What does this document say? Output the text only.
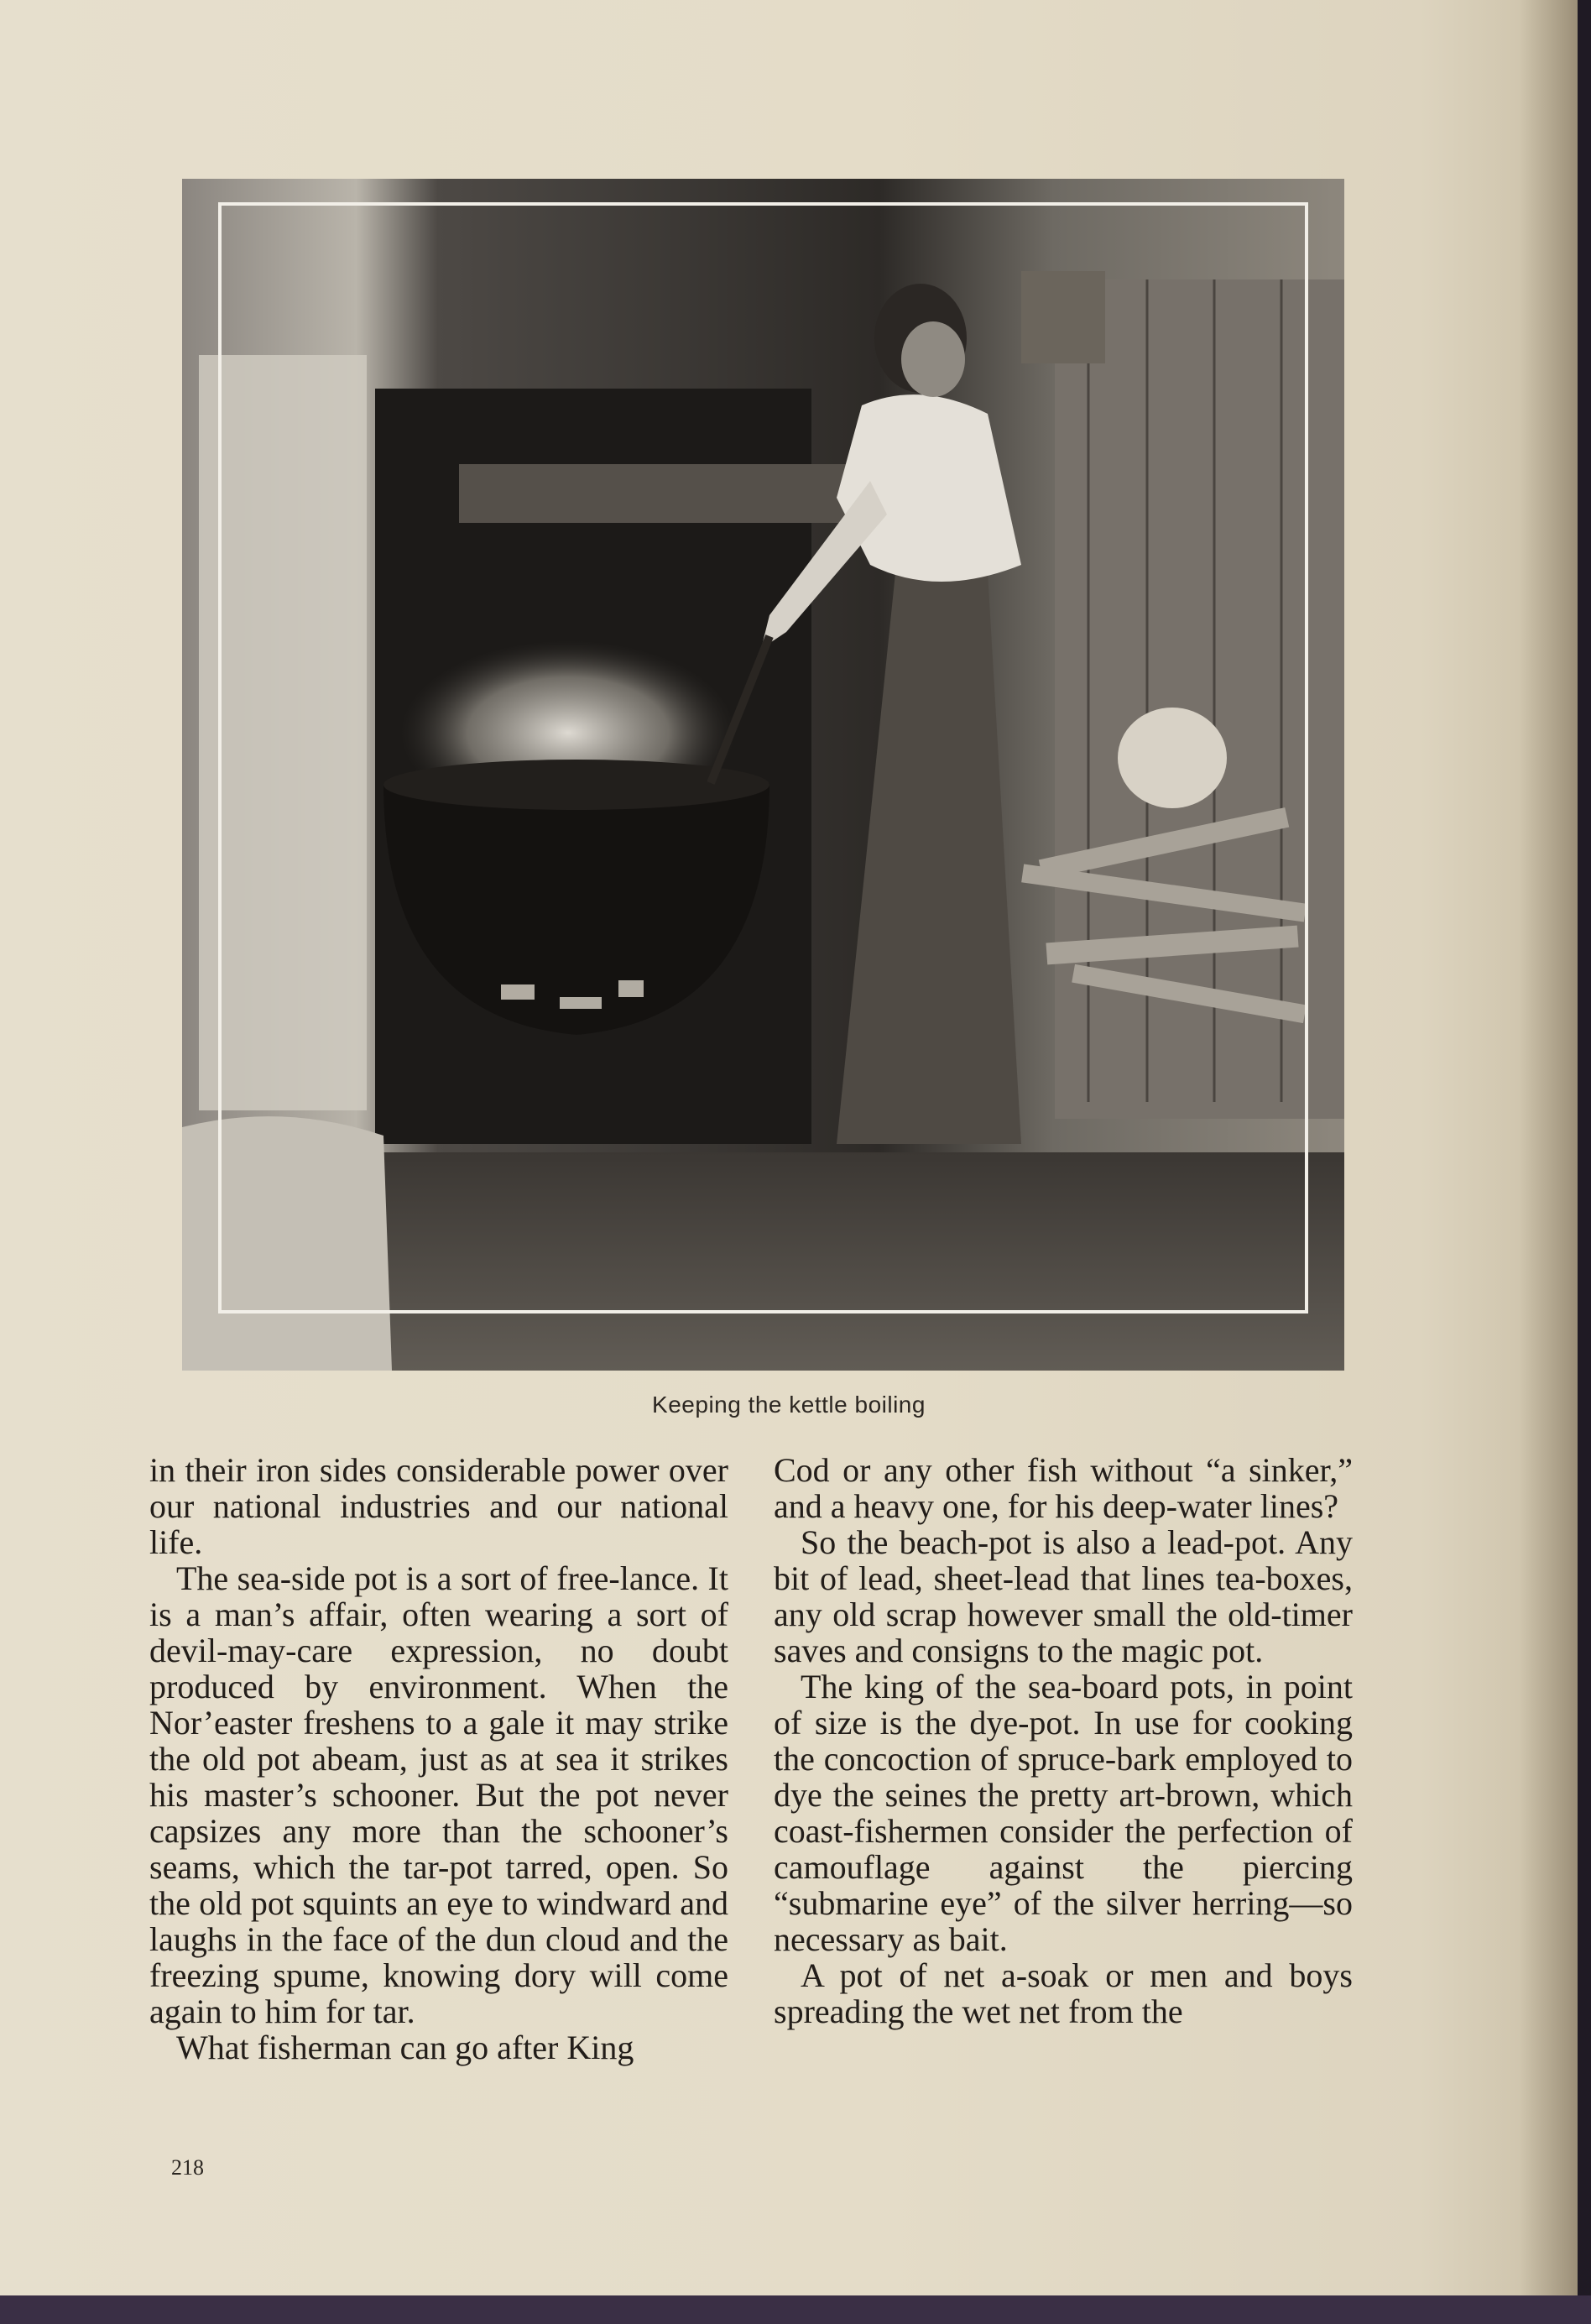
Keeping the kettle boiling

in their iron sides considerable power over our national industries and our national life.

The sea-side pot is a sort of free-lance. It is a man’s affair, often wearing a sort of devil-may-care expression, no doubt produced by environment. When the Nor’easter freshens to a gale it may strike the old pot abeam, just as at sea it strikes his master’s schooner. But the pot never capsizes any more than the schooner’s seams, which the tar-pot tarred, open. So the old pot squints an eye to windward and laughs in the face of the dun cloud and the freezing spume, knowing dory will come again to him for tar.

What fisherman can go after King

Cod or any other fish without “a sinker,” and a heavy one, for his deep-water lines?

So the beach-pot is also a lead-pot. Any bit of lead, sheet-lead that lines tea-boxes, any old scrap however small the old-timer saves and consigns to the magic pot.

The king of the sea-board pots, in point of size is the dye-pot. In use for cooking the concoction of spruce-bark employed to dye the seines the pretty art-brown, which coast-fishermen consider the perfection of camouflage against the piercing “submarine eye” of the silver herring—so necessary as bait.

A pot of net a-soak or men and boys spreading the wet net from the

218
